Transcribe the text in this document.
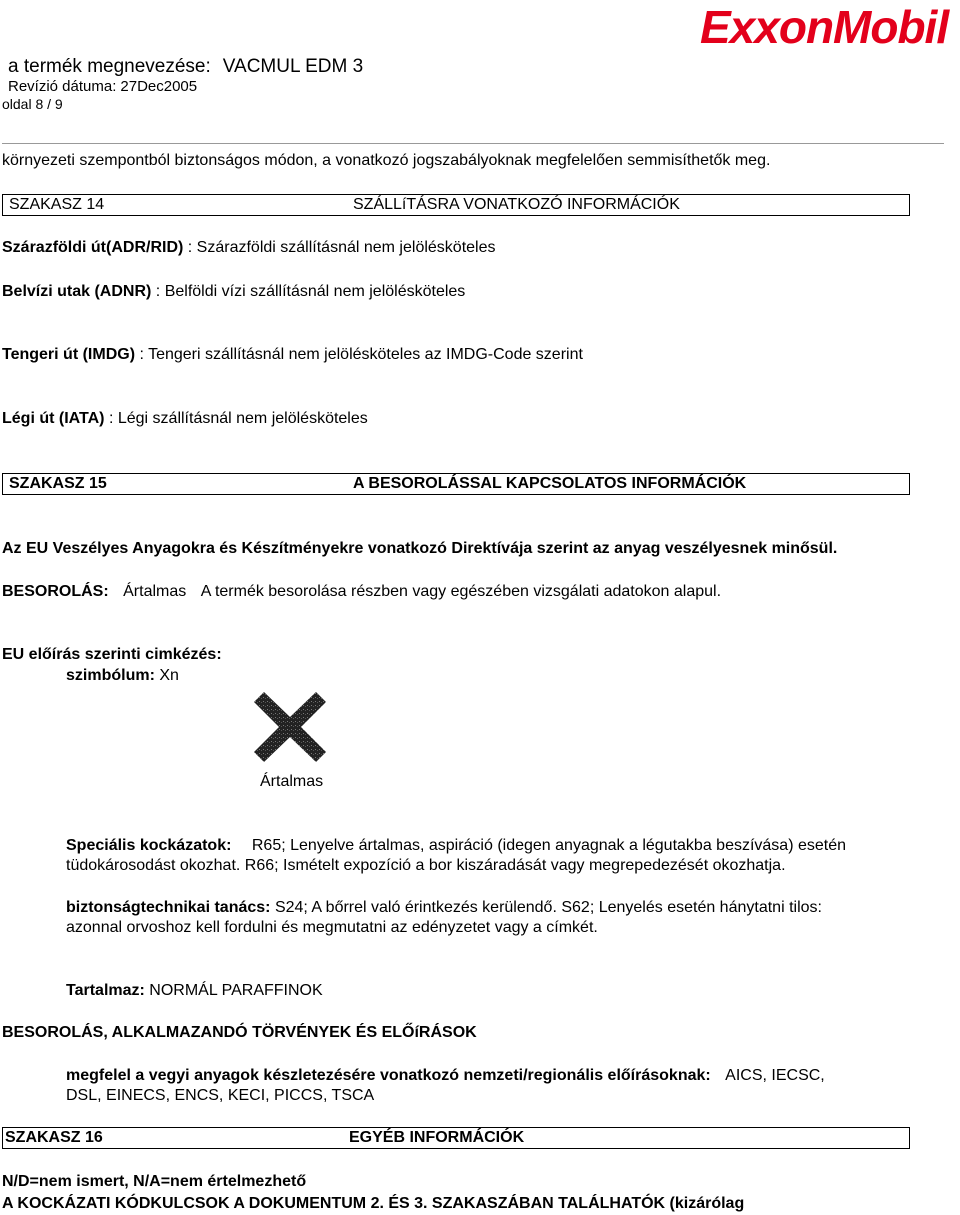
ExxonMobil
a termék megnevezése: VACMUL EDM 3
Revízió dátuma: 27Dec2005
oldal 8 / 9
környezeti szempontból biztonságos módon, a vonatkozó jogszabályoknak megfelelően semmisíthetők meg.
SZAKASZ 14	SZÁLLíTÁSRA VONATKOZÓ INFORMÁCIÓK
Szárazföldi út(ADR/RID) : Szárazföldi szállításnál nem jelölésköteles
Belvízi utak (ADNR) : Belföldi vízi szállításnál nem jelölésköteles
Tengeri út (IMDG) : Tengeri szállításnál nem jelölésköteles az IMDG-Code szerint
Légi út (IATA) : Légi szállításnál nem jelölésköteles
SZAKASZ 15	A BESOROLÁSSAL KAPCSOLATOS INFORMÁCIÓK
Az EU Veszélyes Anyagokra és Készítményekre vonatkozó Direktívája szerint az anyag veszélyesnek minősül.
BESOROLÁS: Ártalmas A termék besorolása részben vagy egészében vizsgálati adatokon alapul.
EU előírás szerinti cimkézés:
szimbólum: Xn
Ártalmas
Speciális kockázatok: R65; Lenyelve ártalmas, aspiráció (idegen anyagnak a légutakba beszívása) esetén
tüdokárosodást okozhat. R66; Ismételt expozíció a bor kiszáradását vagy megrepedezését okozhatja.
biztonságtechnikai tanács: S24; A bőrrel való érintkezés kerülendő. S62; Lenyelés esetén hánytatni tilos:
azonnal orvoshoz kell fordulni és megmutatni az edényzetet vagy a címkét.
Tartalmaz: NORMÁL PARAFFINOK
BESOROLÁS, ALKALMAZANDÓ TÖRVÉNYEK ÉS ELŐíRÁSOK
megfelel a vegyi anyagok készletezésére vonatkozó nemzeti/regionális előírásoknak: AICS, IECSC,
DSL, EINECS, ENCS, KECI, PICCS, TSCA
SZAKASZ 16	EGYÉB INFORMÁCIÓK
N/D=nem ismert, N/A=nem értelmezhető
A KOCKÁZATI KÓDKULCSOK A DOKUMENTUM 2. ÉS 3. SZAKASZÁBAN TALÁLHATÓK (kizárólag
